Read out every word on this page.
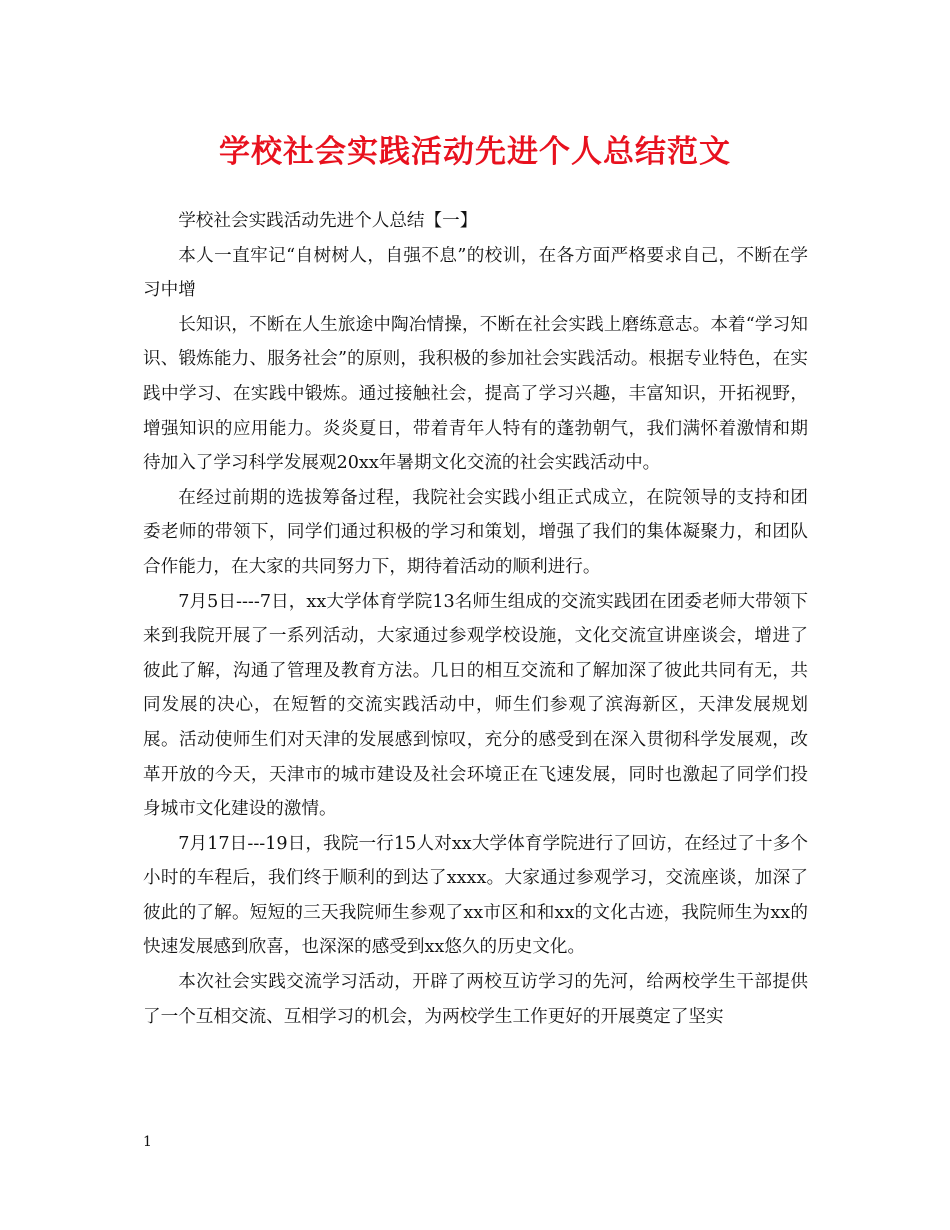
学校社会实践活动先进个人总结范文

学校社会实践活动先进个人总结【一】

本人一直牢记“自树树人，自强不息”的校训，在各方面严格要求自己，不断在学习中增

长知识，不断在人生旅途中陶冶情操，不断在社会实践上磨练意志。本着“学习知识、锻炼能力、服务社会”的原则，我积极的参加社会实践活动。根据专业特色，在实践中学习、在实践中锻炼。通过接触社会，提高了学习兴趣，丰富知识，开拓视野，增强知识的应用能力。炎炎夏日，带着青年人特有的蓬勃朝气，我们满怀着激情和期待加入了学习科学发展观20xx年暑期文化交流的社会实践活动中。

在经过前期的选拔筹备过程，我院社会实践小组正式成立，在院领导的支持和团委老师的带领下，同学们通过积极的学习和策划，增强了我们的集体凝聚力，和团队合作能力，在大家的共同努力下，期待着活动的顺利进行。

7月5日----7日，xx大学体育学院13名师生组成的交流实践团在团委老师大带领下来到我院开展了一系列活动，大家通过参观学校设施，文化交流宣讲座谈会，增进了彼此了解，沟通了管理及教育方法。几日的相互交流和了解加深了彼此共同有无，共同发展的决心，在短暂的交流实践活动中，师生们参观了滨海新区，天津发展规划展。活动使师生们对天津的发展感到惊叹，充分的感受到在深入贯彻科学发展观，改革开放的今天，天津市的城市建设及社会环境正在飞速发展，同时也激起了同学们投身城市文化建设的激情。

7月17日---19日，我院一行15人对xx大学体育学院进行了回访，在经过了十多个小时的车程后，我们终于顺利的到达了xxxx。大家通过参观学习，交流座谈，加深了彼此的了解。短短的三天我院师生参观了xx市区和和xx的文化古迹，我院师生为xx的快速发展感到欣喜，也深深的感受到xx悠久的历史文化。

本次社会实践交流学习活动，开辟了两校互访学习的先河，给两校学生干部提供了一个互相交流、互相学习的机会，为两校学生工作更好的开展奠定了坚实

1
